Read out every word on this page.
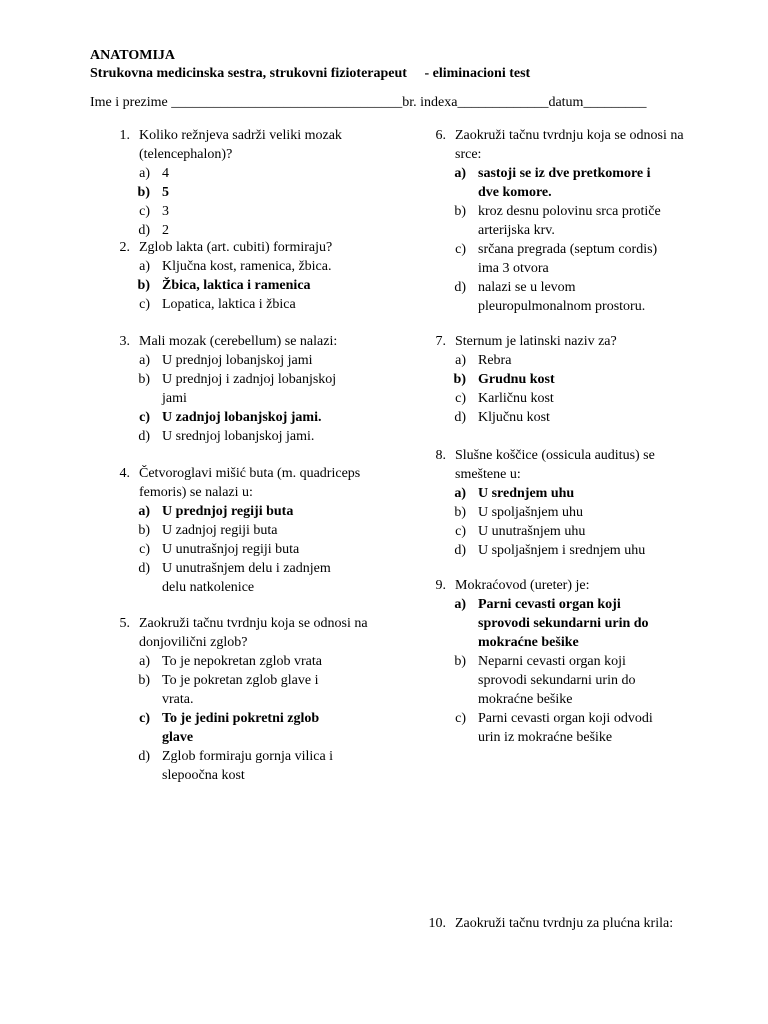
ANATOMIJA
Strukovna medicinska sestra, strukovni fizioterapeut     - eliminacioni test
Ime i prezime _________________________________br. indexa_____________datum_________
1. Koliko režnjeva sadrži veliki mozak
(telencephalon)?
a) 4
b) 5
c) 3
d) 2
2. Zglob lakta (art. cubiti) formiraju?
a) Ključna kost, ramenica, žbica.
b) Žbica, laktica i ramenica
c) Lopatica, laktica i žbica
3. Mali mozak (cerebellum) se nalazi:
a) U prednjoj lobanjskoj jami
b) U prednjoj i zadnjoj lobanjskoj
jami
c) U zadnjoj lobanjskoj jami.
d) U srednjoj lobanjskoj jami.
4. Četvoroglavi mišić buta (m. quadriceps
femoris) se nalazi u:
a) U prednjoj regiji buta
b) U zadnjoj regiji buta
c) U unutrašnjoj regiji buta
d) U unutrašnjem delu i zadnjem
delu natkolenice
5. Zaokruži tačnu tvrdnju koja se odnosi na
donjovilični zglob?
a) To je nepokretan zglob vrata
b) To je pokretan zglob glave i
vrata.
c) To je jedini pokretni zglob
glave
d) Zglob formiraju gornja vilica i
slepoočna kost
6. Zaokruži tačnu tvrdnju koja se odnosi na
srce:
a) sastoji se iz dve pretkomore i
dve komore.
b) kroz desnu polovinu srca protiče
arterijska krv.
c) srčana pregrada (septum cordis)
ima 3 otvora
d) nalazi se u levom
pleuropulmonalnom prostoru.
7. Sternum je latinski naziv za?
a) Rebra
b) Grudnu kost
c) Karličnu kost
d) Ključnu kost
8. Slušne koščice (ossicula auditus) se
smeštene u:
a) U srednjem uhu
b) U spoljašnjem uhu
c) U unutrašnjem uhu
d) U spoljašnjem i srednjem uhu
9. Mokraćovod (ureter) je:
a) Parni cevasti organ koji
sprovodi sekundarni urin do
mokraćne bešike
b) Neparni cevasti organ koji
sprovodi sekundarni urin do
mokraćne bešike
c) Parni cevasti organ koji odvodi
urin iz mokraćne bešike
10. Zaokruži tačnu tvrdnju za plućna krila:
